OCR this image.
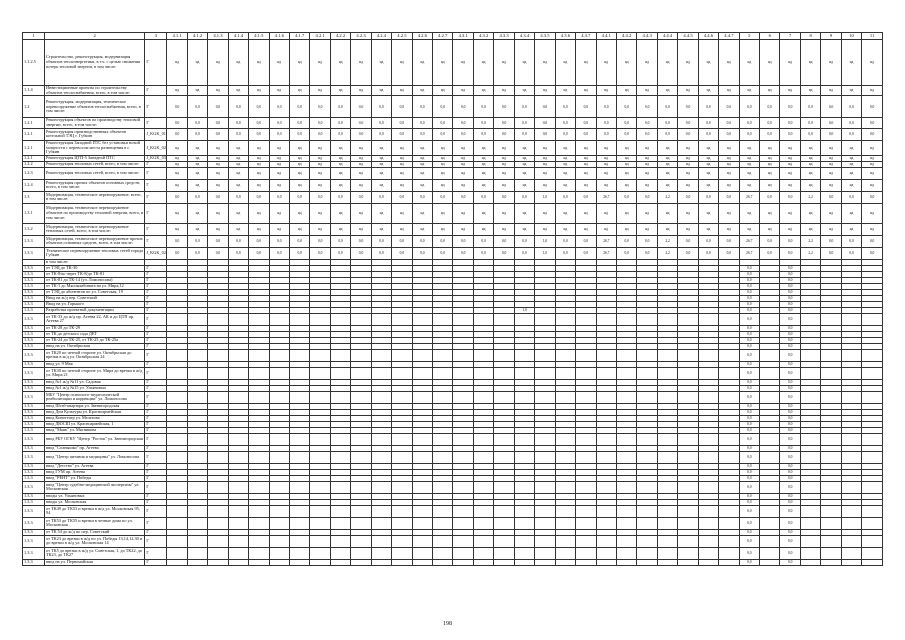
1	2	3	4.1.1	4.1.2	4.1.3	4.1.4	4.1.5	4.1.6	4.1.7	4.2.1	4.2.2	4.2.3	4.2.4	4.2.5	4.2.6	4.2.7	4.3.1	4.3.2	4.3.3	4.3.4	4.3.5	4.3.6	4.3.7	4.4.1	4.4.2	4.4.3	4.4.4	4.4.5	4.4.6	4.4.7	5	6	7	8	9	10	11
1.1.2.5	Строительство, реконструкция, модернизация объектов теплоэнергетики, в т.ч. с целью снижения потерь тепловой энергии, в том числе:	Г	нд	нд	нд	нд	нд	нд	нд	нд	нд	нд	нд	нд	нд	нд	нд	нд	нд	нд	нд	нд	нд	нд	нд	нд	нд	нд	нд	нд	нд	нд	нд	нд	нд	нд	нд
1.1.4	Инвестиционные проекты по строительству объектов теплоснабжения, всего, в том числе:	Г	нд	нд	нд	нд	нд	нд	нд	нд	нд	нд	нд	нд	нд	нд	нд	нд	нд	нд	нд	нд	нд	нд	нд	нд	нд	нд	нд	нд	нд	нд	нд	нд	нд	нд	нд
1.2	Реконструкция, модернизация, техническое перевооружение объектов теплоснабжения, всего, в том числе:	Г	0,0	0,0	0,0	0,0	0,0	0,0	0,0	0,0	0,0	0,0	0,0	0,0	0,0	0,0	0,0	0,0	0,0	0,0	0,0	0,0	0,0	0,0	0,0	0,0	0,0	0,0	0,0	0,0	0,0	0,0	0,0	0,0	0,0	0,0	0,0
1.2.1	Реконструкция объектов по производству тепловой энергии, всего, в том числе:	Г	0,0	0,0	0,0	0,0	0,0	0,0	0,0	0,0	0,0	0,0	0,0	0,0	0,0	0,0	0,0	0,0	0,0	0,0	0,0	0,0	0,0	0,0	0,0	0,0	0,0	0,0	0,0	0,0	0,0	0,0	0,0	0,0	0,0	0,0	0,0
1.2.1	Реконструкция производственных объектов котельной ТЭЦ г. Губкин	J_KGK_01	0,0	0,0	0,0	0,0	0,0	0,0	0,0	0,0	0,0	0,0	0,0	0,0	0,0	0,0	0,0	0,0	0,0	0,0	0,0	0,0	0,0	0,0	0,0	0,0	0,0	0,0	0,0	0,0	0,0	0,0	0,0	0,0	0,0	0,0	0,0
1.2.1	Реконструкция Западной ПТС без установки новой мощности с переносом места размещения в г. Губкин	J_KGK_02	нд	нд	нд	нд	нд	нд	нд	нд	нд	нд	нд	нд	нд	нд	нд	нд	нд	нд	нд	нд	нд	нд	нд	нд	нд	нд	нд	нд	нд	нд	нд	нд	нд	нд	нд
1.2.1	Реконструкция ЦТП-5 Западной ПТС	J_KGK_03	нд	нд	нд	нд	нд	нд	нд	нд	нд	нд	нд	нд	нд	нд	нд	нд	нд	нд	нд	нд	нд	нд	нд	нд	нд	нд	нд	нд	нд	нд	нд	нд	нд	нд	нд
1.2.2	Реконструкция тепловых сетей, всего, в том числе:	Г	нд	нд	нд	нд	нд	нд	нд	нд	нд	нд	нд	нд	нд	нд	нд	нд	нд	нд	нд	нд	нд	нд	нд	нд	нд	нд	нд	нд	нд	нд	нд	нд	нд	нд	нд
1.2.3	Реконструкция тепловых сетей, всего, в том числе:	Г	нд	нд	нд	нд	нд	нд	нд	нд	нд	нд	нд	нд	нд	нд	нд	нд	нд	нд	нд	нд	нд	нд	нд	нд	нд	нд	нд	нд	нд	нд	нд	нд	нд	нд	нд
1.2.4	Реконструкция прочих объектов основных средств, всего, в том числе:	Г	нд	нд	нд	нд	нд	нд	нд	нд	нд	нд	нд	нд	нд	нд	нд	нд	нд	нд	нд	нд	нд	нд	нд	нд	нд	нд	нд	нд	нд	нд	нд	нд	нд	нд	нд
1.3	Модернизация, техническое перевооружение, всего, в том числе:	Г	0,0	0,0	0,0	0,0	0,0	0,0	0,0	0,0	0,0	0,0	0,0	0,0	0,0	0,0	0,0	0,0	0,0	0,0	1,0	0,0	0,0	26,7	0,0	0,0	2,2	0,0	0,0	0,0	26,7	0,0	0,0	2,2	0,0	0,0	0,0
1.3.1	Модернизация, техническое перевооружение объектов по производству тепловой энергии, всего, в том числе:	Г	нд	нд	нд	нд	нд	нд	нд	нд	нд	нд	нд	нд	нд	нд	нд	нд	нд	нд	нд	нд	нд	нд	нд	нд	нд	нд	нд	нд	нд	нд	нд	нд	нд	нд	нд
1.3.2	Модернизация, техническое перевооружение тепловых сетей, всего, в том числе:	Г	нд	нд	нд	нд	нд	нд	нд	нд	нд	нд	нд	нд	нд	нд	нд	нд	нд	нд	нд	нд	нд	нд	нд	нд	нд	нд	нд	нд	нд	нд	нд	нд	нд	нд	нд
1.3.3	Модернизация, техническое перевооружение прочих объектов основных средств, всего, в том числе:	Г	0,0	0,0	0,0	0,0	0,0	0,0	0,0	0,0	0,0	0,0	0,0	0,0	0,0	0,0	0,0	0,0	0,0	0,0	1,0	0,0	0,0	26,7	0,0	0,0	2,2	0,0	0,0	0,0	26,7	0,0	0,0	2,2	0,0	0,0	0,0
1.3.3	Техническое перевооружение тепловых сетей города Губкин	J_KGK_02	0,0	0,0	0,0	0,0	0,0	0,0	0,0	0,0	0,0	0,0	0,0	0,0	0,0	0,0	0,0	0,0	0,0	0,0	1,0	0,0	0,0	26,7	0,0	0,0	2,2	0,0	0,0	0,0	26,7	0,0	0,0	2,2	0,0	0,0	0,0
	в том числе:																																				
1.3.3	от ТЭЦ до ТК-30	Г																													0,0		0,0				
1.3.3	от ТК-8/ко через ТК-8/до ТК-81	Г																													0,0		0,0				
1.3.3	от ТК-81 до ТК-14 (ул. Ломоносова)	Г																													0,0		0,0				
1.3.3	от ТК-1 до Мясокомбината на ул. Мира,12	Г																													0,0		0,0				
1.3.3	от ТЭЦ до абонентов по ул. Советская, 19	Г																													0,0		0,0				
1.3.3	Ввод на ж/д пер. Советский	Г																													0,0		0,0				
1.3.3	Ввод на ул. Горького	Г																													0,0		0,0				
1.3.3	Разработка проектной документации	Г																		1,0											0,0		0,0				
1.3.3	от ТК-33 до ж/д пр. Агеева 22, АК и до ЦТП пр. Агеева 27	Г																													0,0		0,0				
1.3.3	от ТК-28 до ТК-29	Г																													0,0		0,0				
1.3.3	от ТК до детского сада ДЕТ	Г																													0,0		0,0				
1.3.3	от ТК-24 до ТК-25, от ТК-25 до ТК-25а	Г																													0,0		0,0				
1.3.3	ввод на ул. Октябрьская	Г																													0,0		0,0				
1.3.3	от ТК20 по четной стороне ул. Октябрьская до врезки в ж/д ул. Октябрьская 24	Г																													0,0		0,0				
1.3.3	ввод ул. 9 Мая	Г																													0,0		0,0				
1.3.3	от ТК30 по четной стороне ул. Мира до врезки в ж/д ул. Мира 21	Г																													0,0		0,0				
1.3.3	ввод №1 ж/д №11 ул. Садовая	Г																													0,0		0,0				
1.3.3	ввод №1 ж/д №15 ул. Ульяновых	Г																													0,0		0,0				
1.3.3	МБУ "Центр психолого-педагогической реабилитации и коррекции" ул. Ломоносова	Г																													0,0		0,0				
1.3.3	ввод Штаб-квартира ул. Звенигородская	Г																													0,0		0,0				
1.3.3	ввод Дом Культуры ул. Красноармейская	Г																													0,0		0,0				
1.3.3	ввод Кинотеатр ул. Мелехова	Г																													0,0		0,0				
1.3.3	ввод ДЮСШ ул. Красноармейская, 1	Г																													0,0		0,0				
1.3.3	ввод "Маяк" ул. Мясникова	Г																													0,0		0,0				
1.3.3	ввод РБУ ОГКУ "Центр "Росток" ул. Звенигородская	Г																													0,0		0,0				
1.3.3	ввод "Солнышко" пр. Агеева	Г																													0,0		0,0				
1.3.3	ввод "Центр питания и медицины" ул. Ломоносова	Г																													0,0		0,0				
1.3.3	ввод "Детство" ул. Агеева	Г																													0,0		0,0				
1.3.3	ввод ГУМ пр. Агеева	Г																													0,0		0,0				
1.3.3	ввод "РЕНТ" ул. Победы	Г																													0,0		0,0				
1.3.3	ввод "Центр судебно-медицинской экспертизы" ул. Московская	Г																													0,0		0,0				
1.3.3	вводы ул. Ульяновых	Г																													0,0		0,0				
1.3.3	вводы ул. Московская	Г																													0,0		0,0				
1.3.3	от ТК49 до ТК53 и врезки в ж/д ул. Московская 95, 94	Г																													0,0		0,0				
1.3.3	от ТК53 до ТК55 и врезки в четные дома по ул. Московская	Г																													0,0		0,0				
1.3.3	от ТК 54 до ж/д по пер. Советский	Г																													0,0		0,0				
1.3.3	от ТК23 до врезки в ж/д по ул. Победы 13,14,12,30 и до врезки в ж/д ул. Московская 14	Г																													0,0		0,0				
1.3.3	от ТК5 до врезки в ж/д ул. Советская, 1, до ТК22, до ТК23, до ТК27	Г																													0,0		0,0				
1.3.3	ввод на ул. Первомайская	Г																													0,0		0,0				
198
